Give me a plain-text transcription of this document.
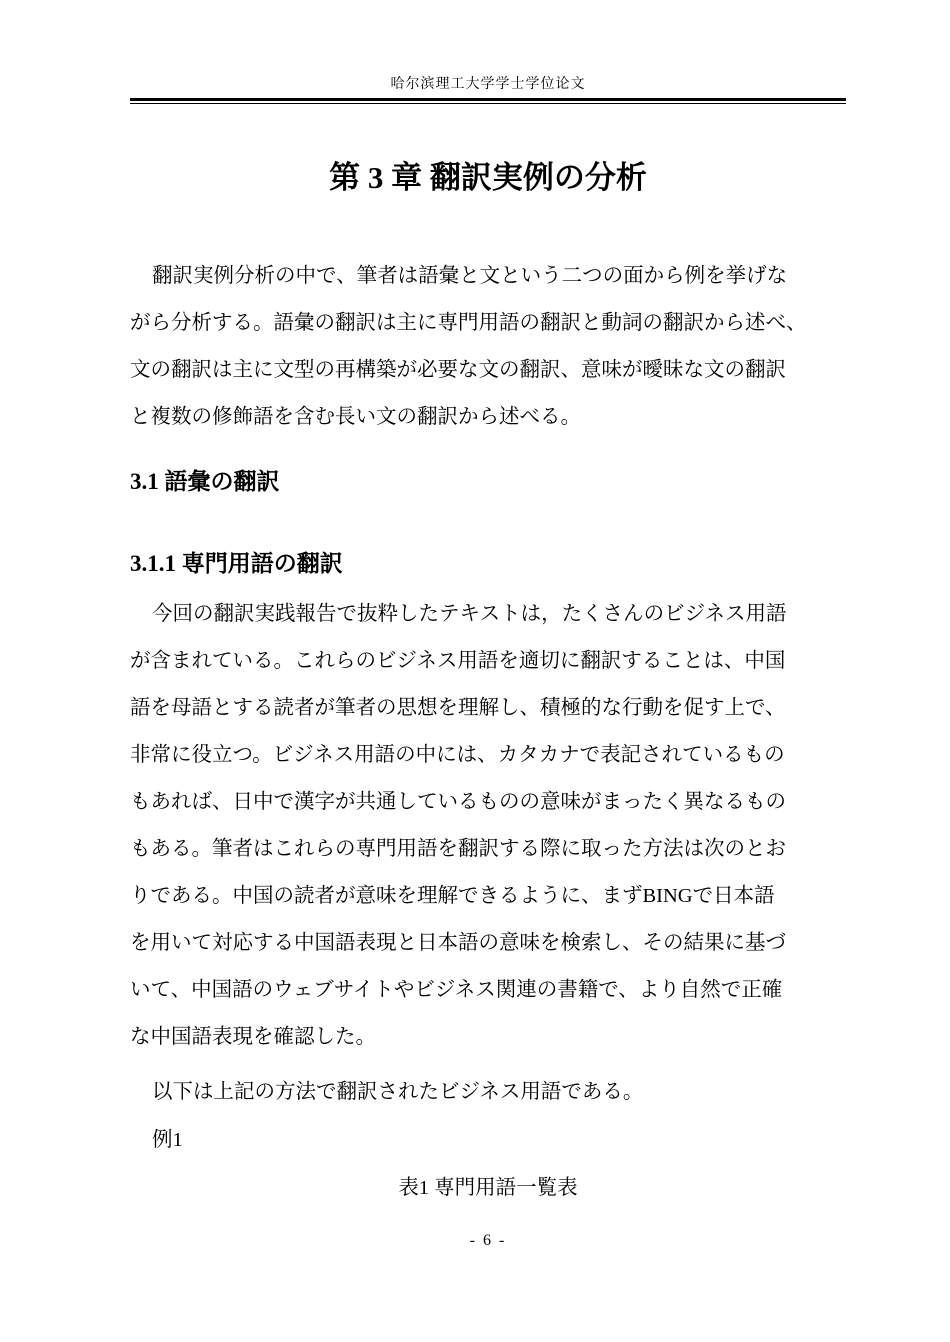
哈尔滨理工大学学士学位论文
第 3 章 翻訳実例の分析

翻訳実例分析の中で、筆者は語彙と文という二つの面から例を挙げな
がら分析する。語彙の翻訳は主に専門用語の翻訳と動詞の翻訳から述べ、
文の翻訳は主に文型の再構築が必要な文の翻訳、意味が曖昧な文の翻訳
と複数の修飾語を含む長い文の翻訳から述べる。

3.1 語彙の翻訳
3.1.1 専門用語の翻訳

今回の翻訳実践報告で抜粋したテキストは，たくさんのビジネス用語
が含まれている。これらのビジネス用語を適切に翻訳することは、中国
語を母語とする読者が筆者の思想を理解し、積極的な行動を促す上で、
非常に役立つ。ビジネス用語の中には、カタカナで表記されているもの
もあれば、日中で漢字が共通しているものの意味がまったく異なるもの
もある。筆者はこれらの専門用語を翻訳する際に取った方法は次のとお
りである。中国の読者が意味を理解できるように、まずBINGで日本語
を用いて対応する中国語表現と日本語の意味を検索し、その結果に基づ
いて、中国語のウェブサイトやビジネス関連の書籍で、より自然で正確
な中国語表現を確認した。

以下は上記の方法で翻訳されたビジネス用語である。

例1

表1 専門用語一覧表

- 6 -
